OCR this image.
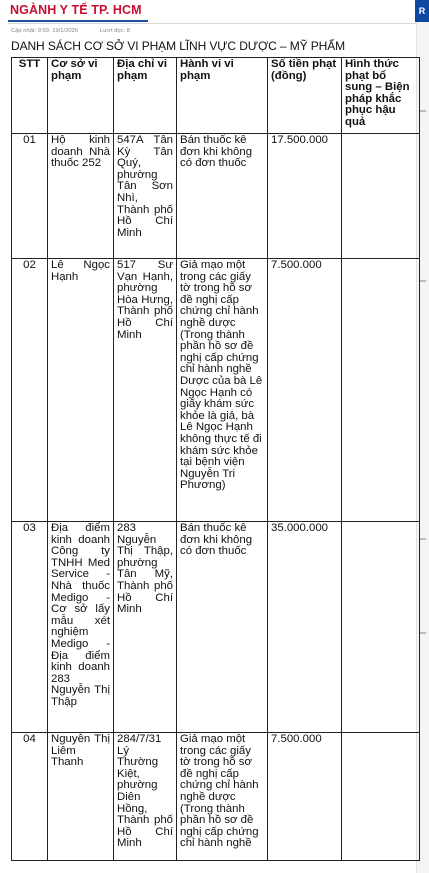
NGÀNH Y TẾ TP. HCM	R
Cập nhật: 9:59, 19/1/2026	Lượt đọc: 8
DANH SÁCH CƠ SỞ VI PHẠM LĨNH VỰC DƯỢC – MỸ PHẨM
STT	Cơ sở vi phạm	Địa chỉ vi phạm	Hành vi vi phạm	Số tiền phạt (đồng)	Hình thức phạt bổ sung – Biện pháp khắc phục hậu quả
01	Hộ kinh doanh Nhà thuốc 252	547A Tân Kỳ Tân Quý, phường Tân Sơn Nhì, Thành phố Hồ Chí Minh	Bán thuốc kê đơn khi không có đơn thuốc	17.500.000	
02	Lê Ngọc Hạnh	517 Sư Vạn Hạnh, phường Hòa Hưng, Thành phố Hồ Chí Minh	Giả mạo một trong các giấy tờ trong hồ sơ đề nghị cấp chứng chỉ hành nghề dược (Trong thành phần hồ sơ đề nghị cấp chứng chỉ hành nghề Dược của bà Lê Ngọc Hạnh có giấy khám sức khỏe là giả, bà Lê Ngọc Hạnh không thực tế đi khám sức khỏe tại bệnh viện Nguyễn Tri Phương)	7.500.000	
03	Địa điểm kinh doanh Công ty TNHH Med Service - Nhà thuốc Medigo - Cơ sở lấy mẫu xét nghiệm Medigo - Địa điểm kinh doanh 283 Nguyễn Thị Thập	283 Nguyễn Thị Thập, phường Tân Mỹ, Thành phố Hồ Chí Minh	Bán thuốc kê đơn khi không có đơn thuốc	35.000.000	
04	Nguyễn Thị Liêm Thanh	284/7/31 Lý Thường Kiệt, phường Diên Hồng, Thành phố Hồ Chí Minh	Giả mạo một trong các giấy tờ trong hồ sơ đề nghị cấp chứng chỉ hành nghề dược (Trong thành phần hồ sơ đề nghị cấp chứng chỉ hành nghề	7.500.000	
